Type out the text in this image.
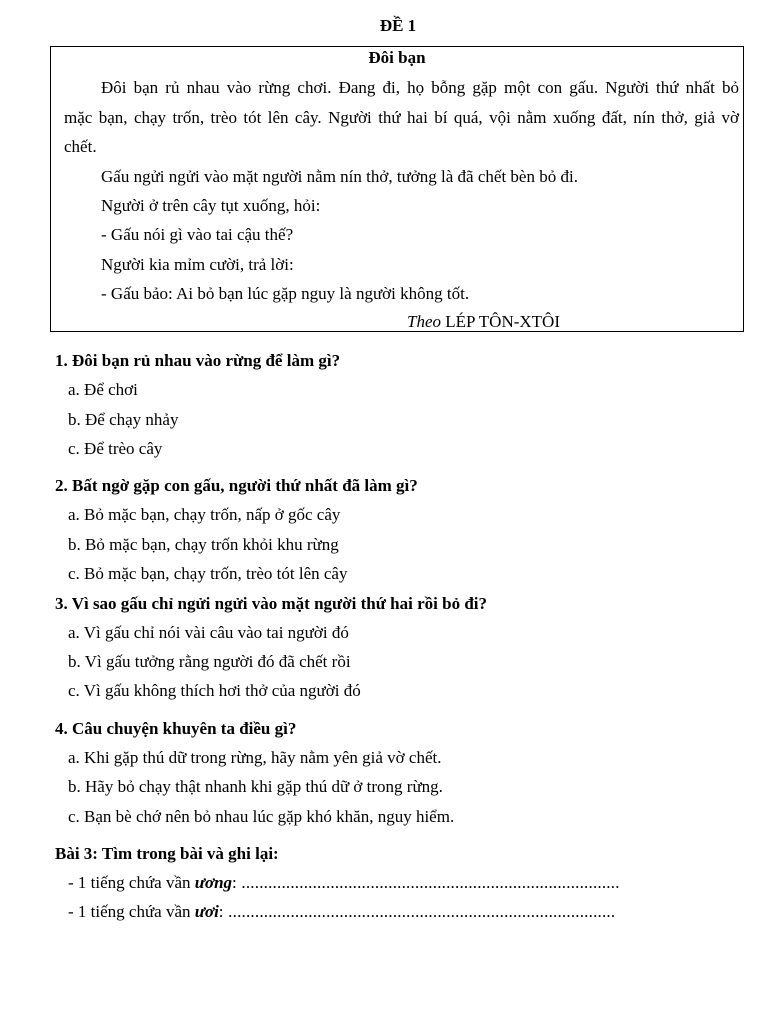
ĐỀ 1
Đôi bạn
Đôi bạn rủ nhau vào rừng chơi. Đang đi, họ bỗng gặp một con gấu. Người thứ nhất bỏ
mặc bạn, chạy trốn, trèo tót lên cây. Người thứ hai bí quá, vội nằm xuống đất, nín thở, giả vờ
chết.
Gấu ngửi ngửi vào mặt người nằm nín thở, tưởng là đã chết bèn bỏ đi.
Người ở trên cây tụt xuống, hỏi:
- Gấu nói gì vào tai cậu thế?
Người kia mỉm cười, trả lời:
- Gấu bảo: Ai bỏ bạn lúc gặp nguy là người không tốt.
Theo LÉP TÔN-XTÔI
1. Đôi bạn rủ nhau vào rừng để làm gì?
a. Để chơi
b. Để chạy nhảy
c. Để trèo cây
2. Bất ngờ gặp con gấu, người thứ nhất đã làm gì?
a. Bỏ mặc bạn, chạy trốn, nấp ở gốc cây
b. Bỏ mặc bạn, chạy trốn khỏi khu rừng
c. Bỏ mặc bạn, chạy trốn, trèo tót lên cây
3. Vì sao gấu chỉ ngửi ngửi vào mặt người thứ hai rồi bỏ đi?
a. Vì gấu chỉ nói vài câu vào tai người đó
b. Vì gấu tưởng rằng người đó đã chết rồi
c. Vì gấu không thích hơi thở của người đó
4. Câu chuyện khuyên ta điều gì?
a. Khi gặp thú dữ trong rừng, hãy nằm yên giả vờ chết.
b. Hãy bỏ chạy thật nhanh khi gặp thú dữ ở trong rừng.
c. Bạn bè chớ nên bỏ nhau lúc gặp khó khăn, nguy hiểm.
Bài 3: Tìm trong bài và ghi lại:
- 1 tiếng chứa vần ương: .....................................................................................
- 1 tiếng chứa vần ươi: .......................................................................................
